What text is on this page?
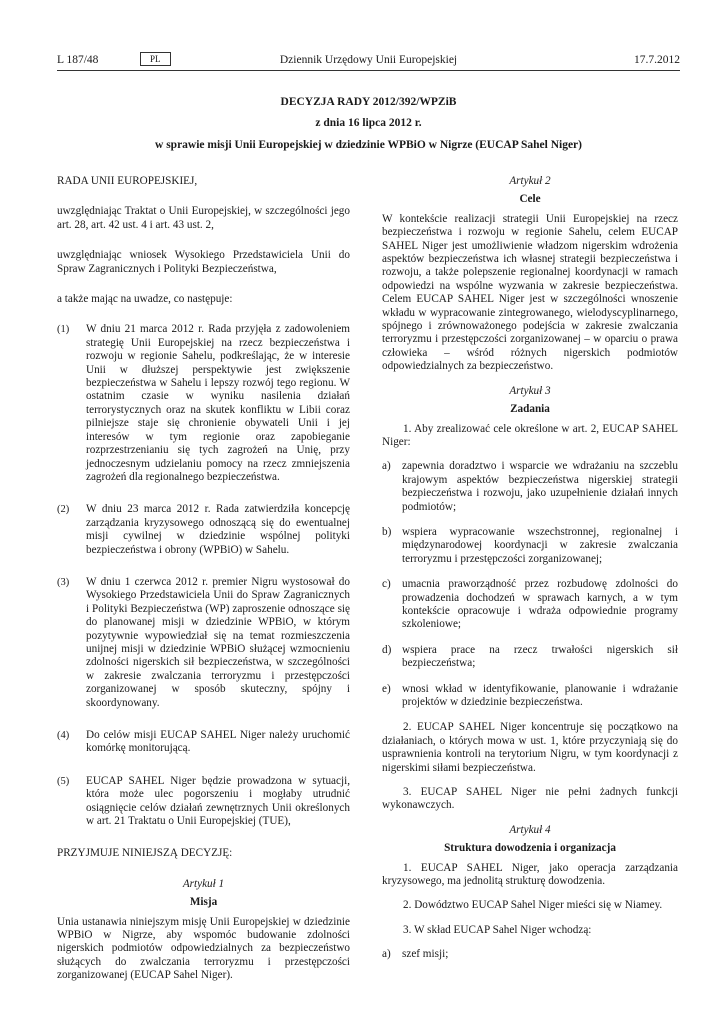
L 187/48	PL	Dziennik Urzędowy Unii Europejskiej	17.7.2012
DECYZJA RADY 2012/392/WPZiB
z dnia 16 lipca 2012 r.
w sprawie misji Unii Europejskiej w dziedzinie WPBiO w Nigrze (EUCAP Sahel Niger)

RADA UNII EUROPEJSKIEJ,

uwzględniając Traktat o Unii Europejskiej, w szczególności jego art. 28, art. 42 ust. 4 i art. 43 ust. 2,

uwzględniając wniosek Wysokiego Przedstawiciela Unii do Spraw Zagranicznych i Polityki Bezpieczeństwa,

a także mając na uwadze, co następuje:

(1)	W dniu 21 marca 2012 r. Rada przyjęła z zadowoleniem strategię Unii Europejskiej na rzecz bezpieczeństwa i rozwoju w regionie Sahelu, podkreślając, że w interesie Unii w dłuższej perspektywie jest zwiększenie bezpieczeństwa w Sahelu i lepszy rozwój tego regionu. W ostatnim czasie w wyniku nasilenia działań terrorystycznych oraz na skutek konfliktu w Libii coraz pilniejsze staje się chronienie obywateli Unii i jej interesów w tym regionie oraz zapobieganie rozprzestrzenianiu się tych zagrożeń na Unię, przy jednoczesnym udzielaniu pomocy na rzecz zmniejszenia zagrożeń dla regionalnego bezpieczeństwa.
(2)	W dniu 23 marca 2012 r. Rada zatwierdziła koncepcję zarządzania kryzysowego odnoszącą się do ewentualnej misji cywilnej w dziedzinie wspólnej polityki bezpieczeństwa i obrony (WPBiO) w Sahelu.
(3)	W dniu 1 czerwca 2012 r. premier Nigru wystosował do Wysokiego Przedstawiciela Unii do Spraw Zagranicznych i Polityki Bezpieczeństwa (WP) zaproszenie odnoszące się do planowanej misji w dziedzinie WPBiO, w którym pozytywnie wypowiedział się na temat rozmieszczenia unijnej misji w dziedzinie WPBiO służącej wzmocnieniu zdolności nigerskich sił bezpieczeństwa, w szczególności w zakresie zwalczania terroryzmu i przestępczości zorganizowanej w sposób skuteczny, spójny i skoordynowany.
(4)	Do celów misji EUCAP SAHEL Niger należy uruchomić komórkę monitorującą.
(5)	EUCAP SAHEL Niger będzie prowadzona w sytuacji, która może ulec pogorszeniu i mogłaby utrudnić osiągnięcie celów działań zewnętrznych Unii określonych w art. 21 Traktatu o Unii Europejskiej (TUE),

PRZYJMUJE NINIEJSZĄ DECYZJĘ:

Artykuł 1
Misja

Unia ustanawia niniejszym misję Unii Europejskiej w dziedzinie WPBiO w Nigrze, aby wspomóc budowanie zdolności nigerskich podmiotów odpowiedzialnych za bezpieczeństwo służących do zwalczania terroryzmu i przestępczości zorganizowanej (EUCAP Sahel Niger).

Artykuł 2
Cele

W kontekście realizacji strategii Unii Europejskiej na rzecz bezpieczeństwa i rozwoju w regionie Sahelu, celem EUCAP SAHEL Niger jest umożliwienie władzom nigerskim wdrożenia aspektów bezpieczeństwa ich własnej strategii bezpieczeństwa i rozwoju, a także polepszenie regionalnej koordynacji w ramach odpowiedzi na wspólne wyzwania w zakresie bezpieczeństwa. Celem EUCAP SAHEL Niger jest w szczególności wnoszenie wkładu w wypracowanie zintegrowanego, wielodyscyplinarnego, spójnego i zrównoważonego podejścia w zakresie zwalczania terroryzmu i przestępczości zorganizowanej – w oparciu o prawa człowieka – wśród różnych nigerskich podmiotów odpowiedzialnych za bezpieczeństwo.

Artykuł 3
Zadania

1. Aby zrealizować cele określone w art. 2, EUCAP SAHEL Niger:

a)	zapewnia doradztwo i wsparcie we wdrażaniu na szczeblu krajowym aspektów bezpieczeństwa nigerskiej strategii bezpieczeństwa i rozwoju, jako uzupełnienie działań innych podmiotów;
b) wspiera wypracowanie wszechstronnej, regionalnej i międzynarodowej koordynacji w zakresie zwalczania terroryzmu i przestępczości zorganizowanej;
c)	umacnia praworządność przez rozbudowę zdolności do prowadzenia dochodzeń w sprawach karnych, a w tym kontekście opracowuje i wdraża odpowiednie programy szkoleniowe;
d) wspiera prace na rzecz trwałości nigerskich sił bezpieczeństwa;
e)	wnosi wkład w identyfikowanie, planowanie i wdrażanie projektów w dziedzinie bezpieczeństwa.

2. EUCAP SAHEL Niger koncentruje się początkowo na działaniach, o których mowa w ust. 1, które przyczyniają się do usprawnienia kontroli na terytorium Nigru, w tym koordynacji z nigerskimi siłami bezpieczeństwa.

3. EUCAP SAHEL Niger nie pełni żadnych funkcji wykonawczych.

Artykuł 4
Struktura dowodzenia i organizacja

1. EUCAP SAHEL Niger, jako operacja zarządzania kryzysowego, ma jednolitą strukturę dowodzenia.

2. Dowództwo EUCAP Sahel Niger mieści się w Niamey.

3. W skład EUCAP Sahel Niger wchodzą:

a)	szef misji;
